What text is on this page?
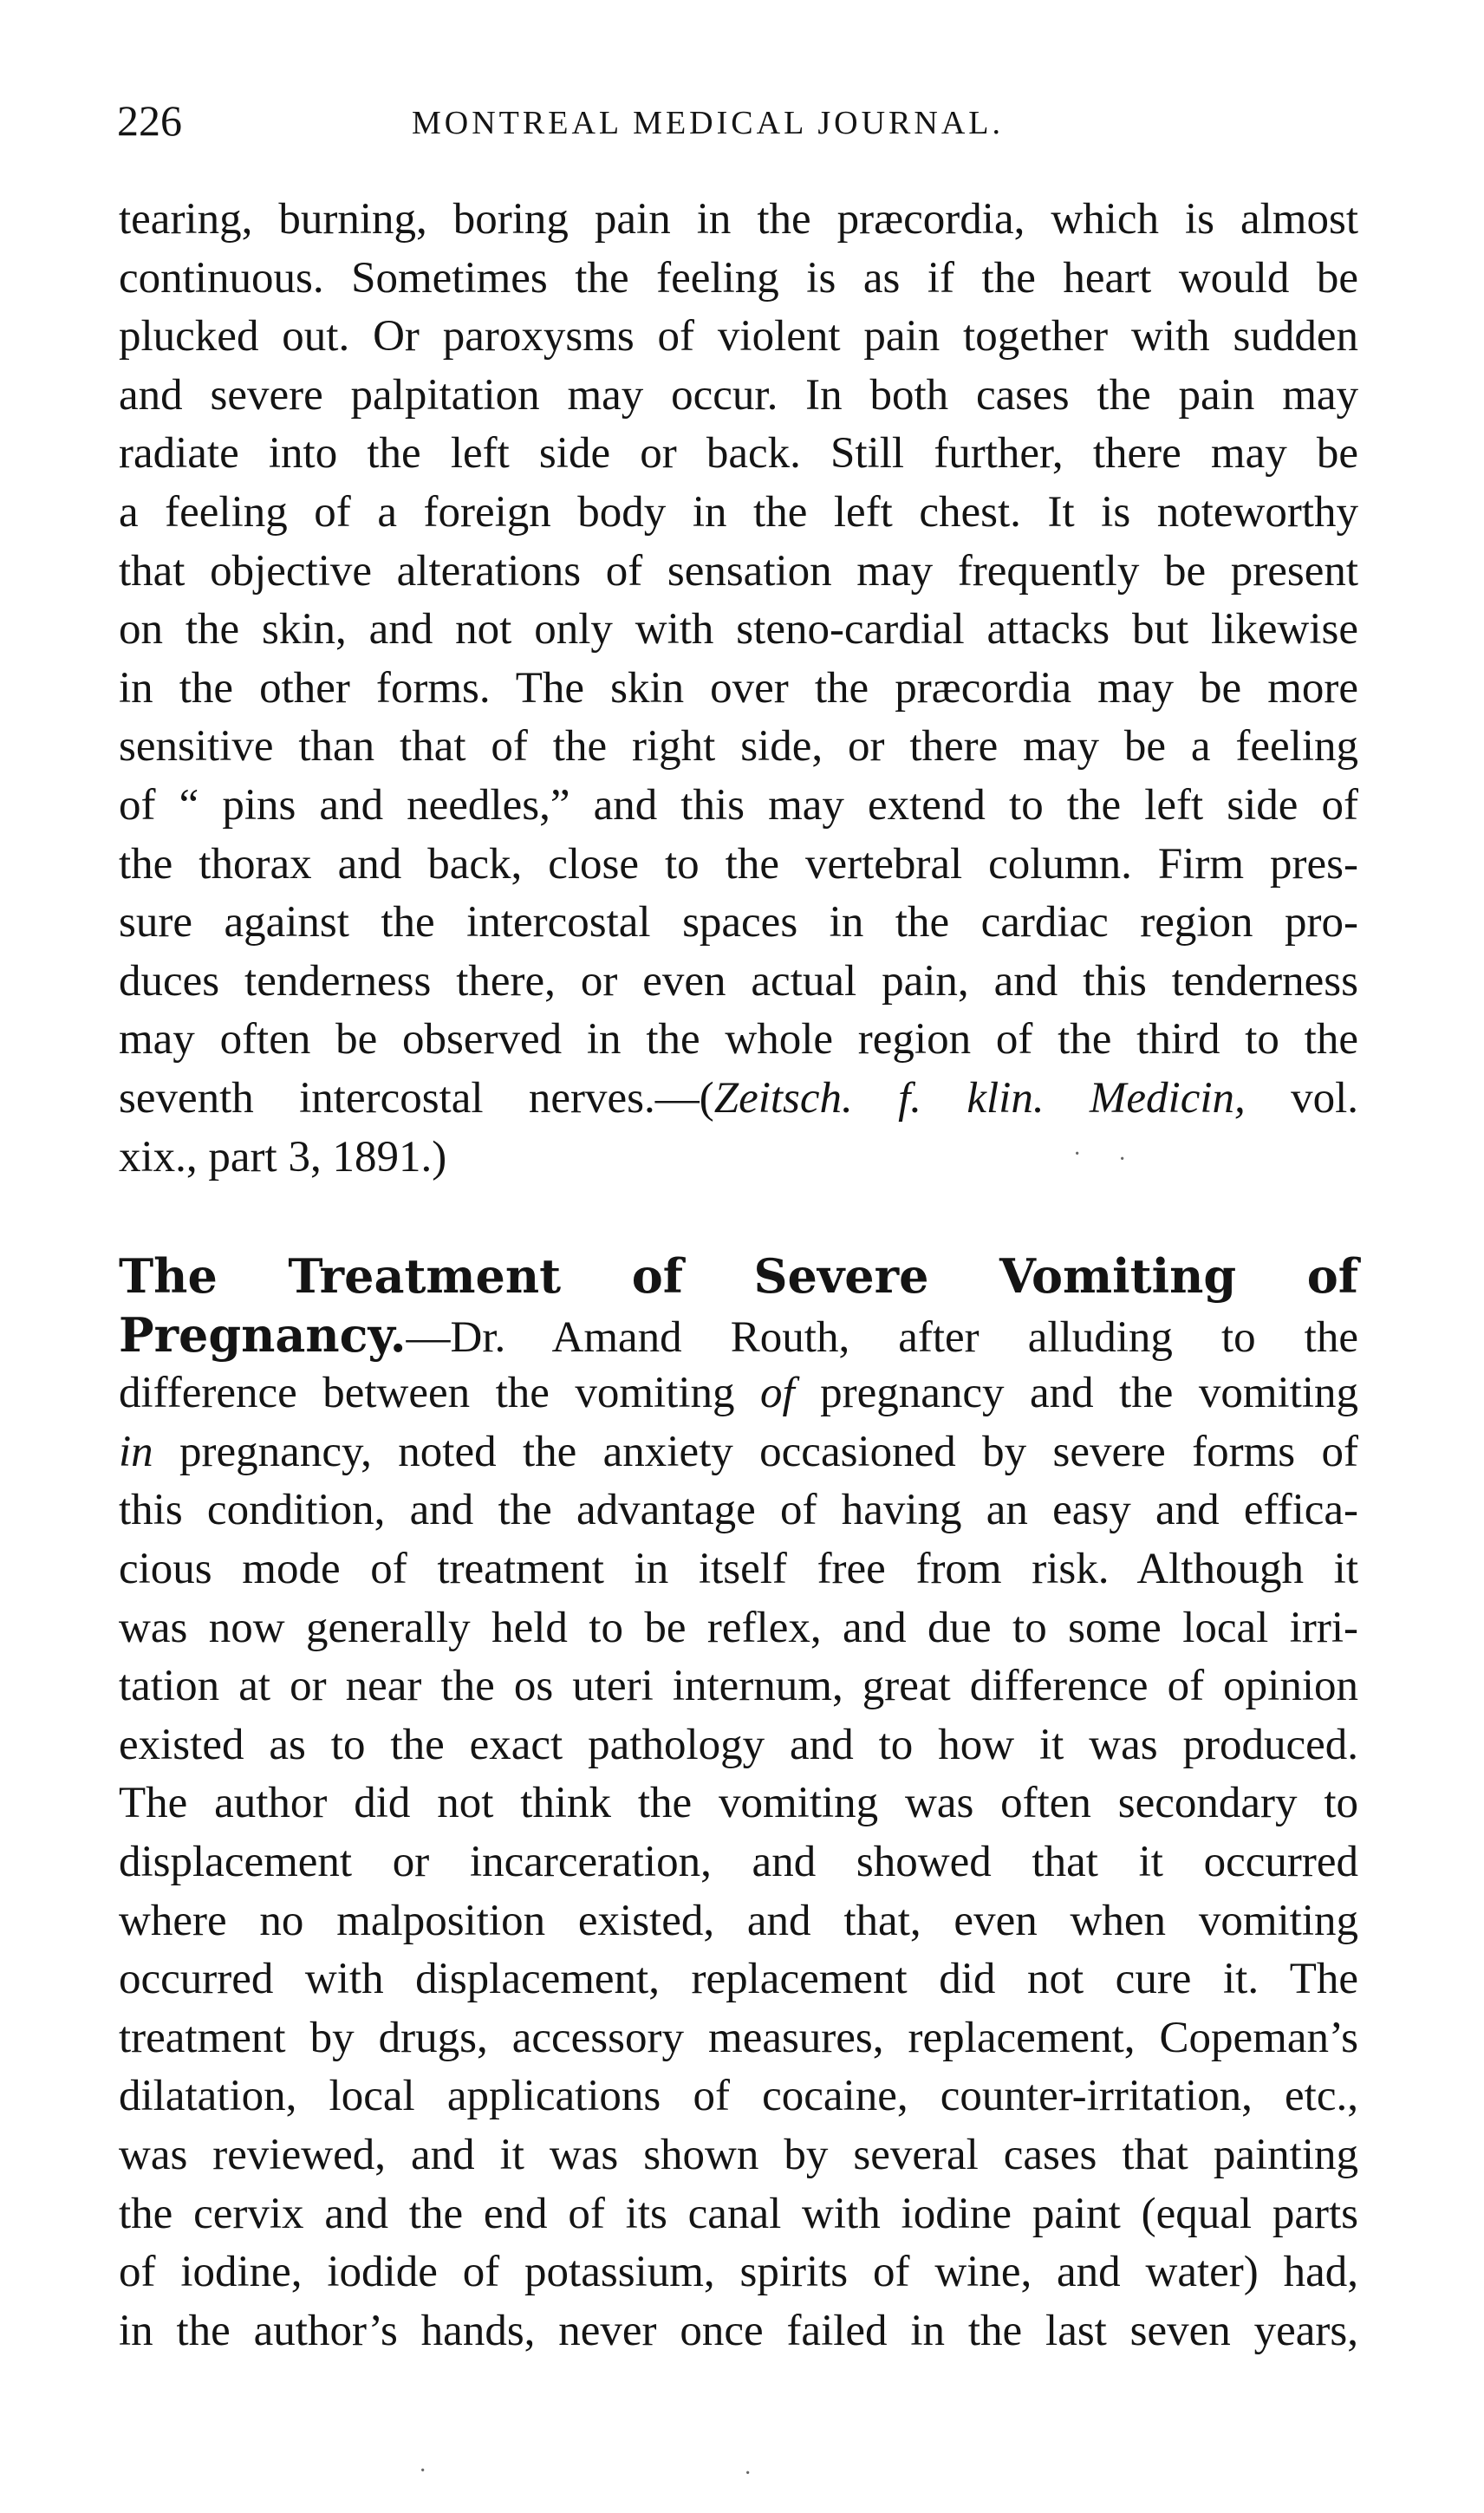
226	MONTREAL MEDICAL JOURNAL.
tearing, burning, boring pain in the præcordia, which is almost
continuous. Sometimes the feeling is as if the heart would be
plucked out. Or paroxysms of violent pain together with sudden
and severe palpitation may occur. In both cases the pain may
radiate into the left side or back. Still further, there may be
a feeling of a foreign body in the left chest. It is noteworthy
that objective alterations of sensation may frequently be present
on the skin, and not only with steno-cardial attacks but likewise
in the other forms. The skin over the præcordia may be more
sensitive than that of the right side, or there may be a feeling
of “ pins and needles,” and this may extend to the left side of
the thorax and back, close to the vertebral column. Firm pres-
sure against the intercostal spaces in the cardiac region pro-
duces tenderness there, or even actual pain, and this tenderness
may often be observed in the whole region of the third to the
seventh intercostal nerves.—(Zeitsch. f. klin. Medicin, vol.
xix., part 3, 1891.)
The Treatment of Severe Vomiting of
Pregnancy.—Dr. Amand Routh, after alluding to the
difference between the vomiting of pregnancy and the vomiting
in pregnancy, noted the anxiety occasioned by severe forms of
this condition, and the advantage of having an easy and effica-
cious mode of treatment in itself free from risk. Although it
was now generally held to be reflex, and due to some local irri-
tation at or near the os uteri internum, great difference of opinion
existed as to the exact pathology and to how it was produced.
The author did not think the vomiting was often secondary to
displacement or incarceration, and showed that it occurred
where no malposition existed, and that, even when vomiting
occurred with displacement, replacement did not cure it. The
treatment by drugs, accessory measures, replacement, Copeman’s
dilatation, local applications of cocaine, counter-irritation, etc.,
was reviewed, and it was shown by several cases that painting
the cervix and the end of its canal with iodine paint (equal parts
of iodine, iodide of potassium, spirits of wine, and water) had,
in the author’s hands, never once failed in the last seven years,
· ·
·	·
